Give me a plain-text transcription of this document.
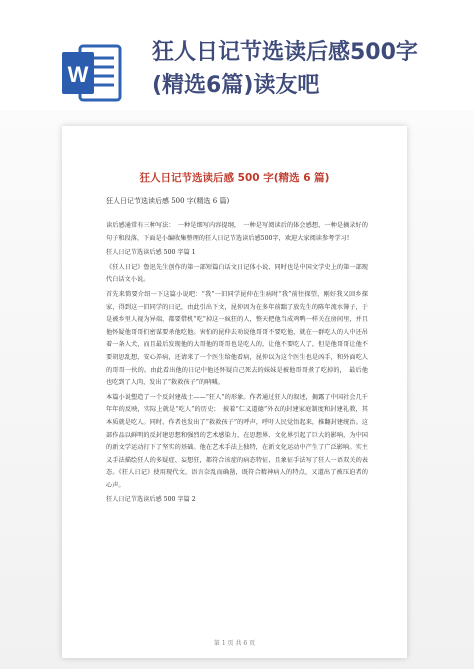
W
狂人日记节选读后感500字
(精选6篇)读友吧
狂人日记节选读后感 500 字(精选 6 篇)
狂人日记节选读后感 500 字(精选 6 篇)

读后感通常有三种写法：　一种是细写内容提纲，　一种是写阅读后的体会感想，一种是摘录好的句子和段落，下面是小编收集整理的狂人日记节选读后感500字，欢迎大家阅读参考学习!

狂人日记节选读后感 500 字篇 1

《狂人日记》鲁迅先生创作的第一部短篇白话文日记体小说，同时也是中国文学史上的第一部现代白话文小说。

首先来简要介绍一下这篇小说吧：“我”一旧同学昆仲在生病时“我”前往探望，刚好我又回乡探家，得到这一旧同学的日记，由此引出下文，昆仲因为在多年前踹了放先生的陈年流水簿子，于是被乡里人视为异端，都要借机“吃”掉这一疯狂的人，整天把他当成鸡鸭一样关在房间里，并且他怀疑他哥哥们密谋要杀他吃他。害怕的昆仲去劝说他哥哥不要吃他，就在一群吃人的人中还吊着一条人犬，而且最后发现他的大哥他的哥哥也是吃人的，让他不要吃人了，但是他哥哥让他不要胡思乱想，安心养病，还请来了一个医生给他看病，昆仲以为这个医生也是凶手，和外面吃人的哥哥一伙的。由此看出他的日记中他还怀疑自己死去的妹妹是被他哥哥煮了吃掉的，　最后他也吃到了人肉，发出了“救救孩子”的呐喊。

本篇小说塑造了一个反封建战士——“狂人”的形象。作者通过狂人的叙述，揭露了中国社会几千年年的反映，实际上就是“吃人”的历史；　披着“仁义道德”外衣的封建家庭制度和封建礼教，其本质就是吃人。同时，作者也发出了“救救孩子”的呼声，呼吁人民觉悟起来，推翻封建统治。这部作品以鲜明的反封建思想和强烈的艺术感染力，在思想界、文化界引起了巨大的影响，为中国的新文学运动打下了坚实的基础。他在艺术手法上独特，在新文化运动中产生了广泛影响。实主义手法描绘狂人的多疑症、妄想狂，都符合该症的病态特征，且象征手法写了狂人一语双关的表态。《狂人日记》使用现代文，语言奈乱而确凿，既符合精神病人的特点，又道出了被压迫者的心声。

狂人日记节选读后感 500 字篇 2

第 1 页 共 6 页
